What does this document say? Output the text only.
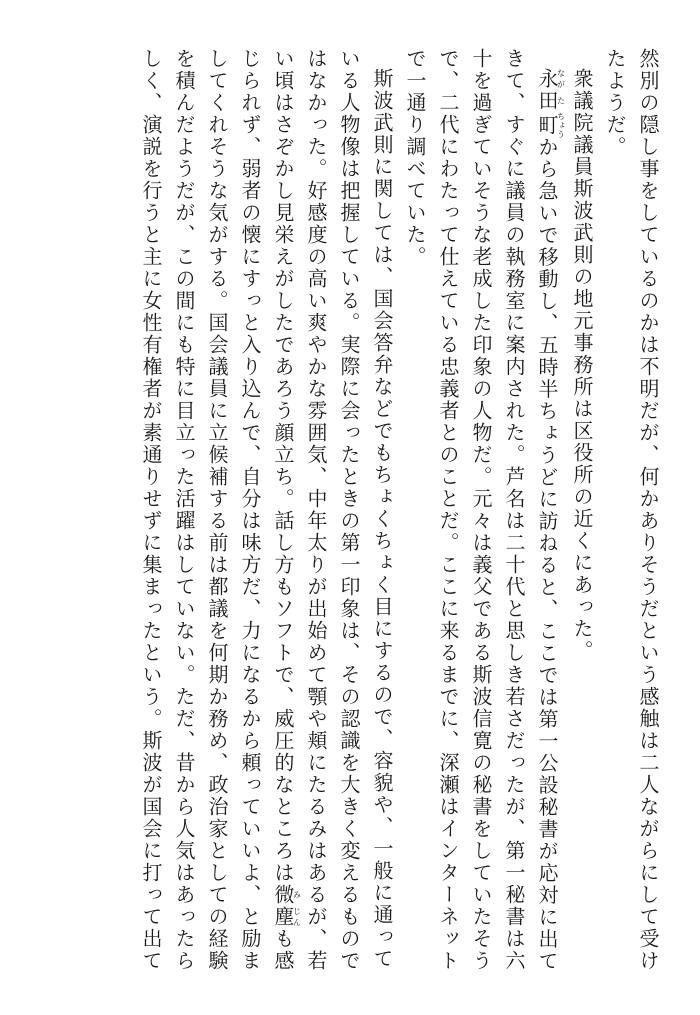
然別の隠し事をしているのかは不明だが、何かありそうだという感触は二人ながらにして受けたようだ。

衆議院議員斯波武則の地元事務所は区役所の近くにあった。

永なが田た町ちょうから急いで移動し、五時半ちょうどに訪ねると、ここでは第一公設秘書が応対に出てきて、すぐに議員の執務室に案内された。芦名は二十代と思しき若さだったが、第一秘書は六十を過ぎていそうな老成した印象の人物だ。元々は義父である斯波信寛の秘書をしていたそうで、二代にわたって仕えている忠義者とのことだ。ここに来るまでに、深瀬はインターネットで一通り調べていた。

斯波武則に関しては、国会答弁などでもちょくちょく目にするので、容貌や、一般に通っている人物像は把握している。実際に会ったときの第一印象は、その認識を大きく変えるものではなかった。好感度の高い爽やかな雰囲気、中年太りが出始めて顎や頬にたるみはあるが、若い頃はさぞかし見栄えがしたであろう顔立ち。話し方もソフトで、威圧的なところは微み塵じんも感じられず、弱者の懐にすっと入り込んで、自分は味方だ、力になるから頼っていいよ、と励ましてくれそうな気がする。国会議員に立候補する前は都議を何期か務め、政治家としての経験を積んだようだが、この間にも特に目立った活躍はしていない。ただ、昔から人気はあったらしく、演説を行うと主に女性有権者が素通りせずに集まったという。斯波が国会に打って出て
